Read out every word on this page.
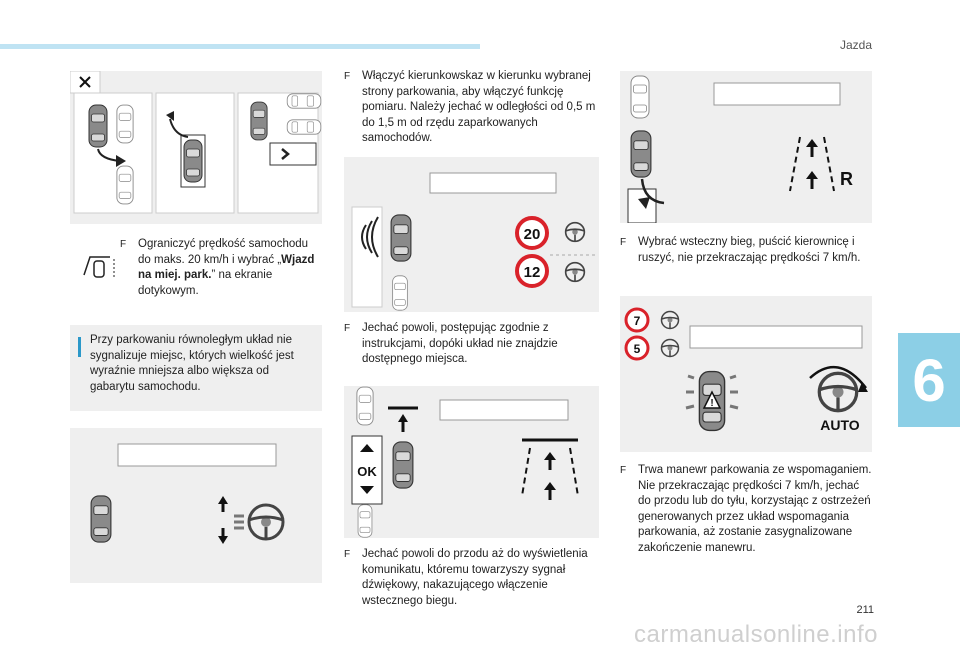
Jazda
6
F Ograniczyć prędkość samochodu do maks. 20 km/h i wybrać „Wjazd na miej. park.” na ekranie dotykowym.
Przy parkowaniu równoległym układ nie sygnalizuje miejsc, których wielkość jest wyraźnie mniejsza albo większa od gabarytu samochodu.
F Włączyć kierunkowskaz w kierunku wybranej strony parkowania, aby włączyć funkcję pomiaru. Należy jechać w odległości od 0,5 m do 1,5 m od rzędu zaparkowanych samochodów.
20
12
F Jechać powoli, postępując zgodnie z instrukcjami, dopóki układ nie znajdzie dostępnego miejsca.
OK
F Jechać powoli do przodu aż do wyświetlenia komunikatu, któremu towarzyszy sygnał dźwiękowy, nakazującego włączenie wstecznego biegu.
R
F Wybrać wsteczny bieg, puścić kierownicę i ruszyć, nie przekraczając prędkości 7 km/h.
7
5
!
AUTO
F Trwa manewr parkowania ze wspomaganiem. Nie przekraczając prędkości 7 km/h, jechać do przodu lub do tyłu, korzystając z ostrzeżeń generowanych przez układ wspomagania parkowania, aż zostanie zasygnalizowane zakończenie manewru.
211
carmanualsonline.info
